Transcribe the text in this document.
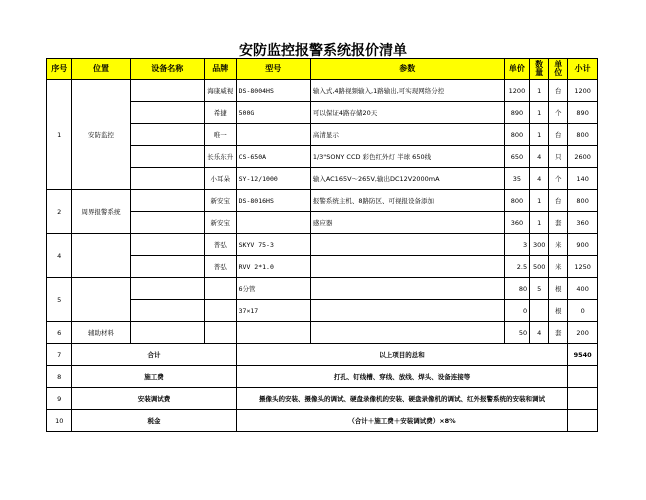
安防监控报警系统报价清单
序号	位置	设备名称	品牌	型号	参数	单价	数量	单位	小计
1	安防监控		海康威视	DS-8004HS	输入式,4路视频输入,1路输出,可实现网络分控	1200	1	台	1200
			希捷	500G	可以保证4路存储20天	890	1	个	890
			唯一		高清显示	800	1	台	800
			长乐东升	CS-650A	1/3"SONY CCD 彩色红外灯 半球 650线	650	4	只	2600
			小耳朵	SY-12/1000	输入AC165V～265V,输出DC12V2000mA	35	4	个	140
2	周界报警系统		新安宝	DS-8016HS	报警系统主机、8路防区、可视报设备添加	800	1	台	800
			新安宝		感应器	360	1	套	360
4			普弘	SKYV 75-3		3	300	米	900
			普弘	RVV 2*1.0		2.5	500	米	1250
5				6分管		80	5	根	400
				37×17		0		根	0
6	辅助材料					50	4	套	200
7	合计			以上项目的总和					9540
8	施工费			打孔、钉线槽、穿线、放线、焊头、设备连接等					
9	安装调试费			摄像头的安装、摄像头的调试、硬盘录像机的安装、硬盘录像机的调试、红外报警系统的安装和调试					
10	税金			（合计＋施工费＋安装调试费）×8%					
